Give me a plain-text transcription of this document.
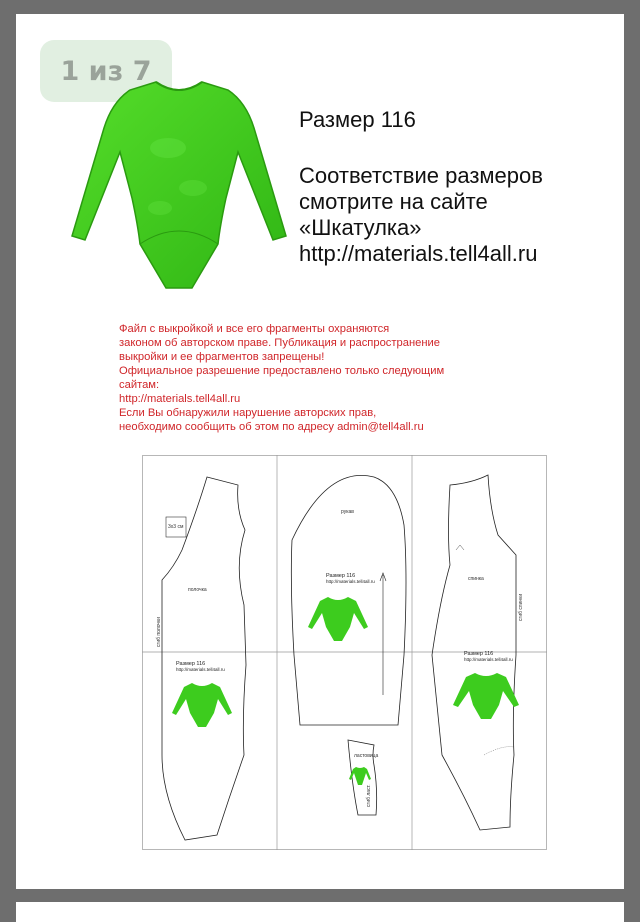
1 из 7
Размер 116
Соответствие размеров
смотрите на сайте
«Шкатулка»
http://materials.tell4all.ru
Файл с выкройкой и все его фрагменты охраняются
законом об авторском праве. Публикация и распространение
выкройки и ее фрагментов запрещены!
Официальное разрешение предоставлено только следующим
сайтам:
http://materials.tell4all.ru
Если Вы обнаружили нарушение авторских прав,
необходимо сообщить об этом по адресу admin@tell4all.ru
3x3 см
полочка
сгиб полочки
рукав
спинка
сгиб спинки
ластовица
сгиб ласт.
Размер 116
http://materials.tell4all.ru
Размер 116
http://materials.tell4all.ru
Размер 116
http://materials.tell4all.ru
